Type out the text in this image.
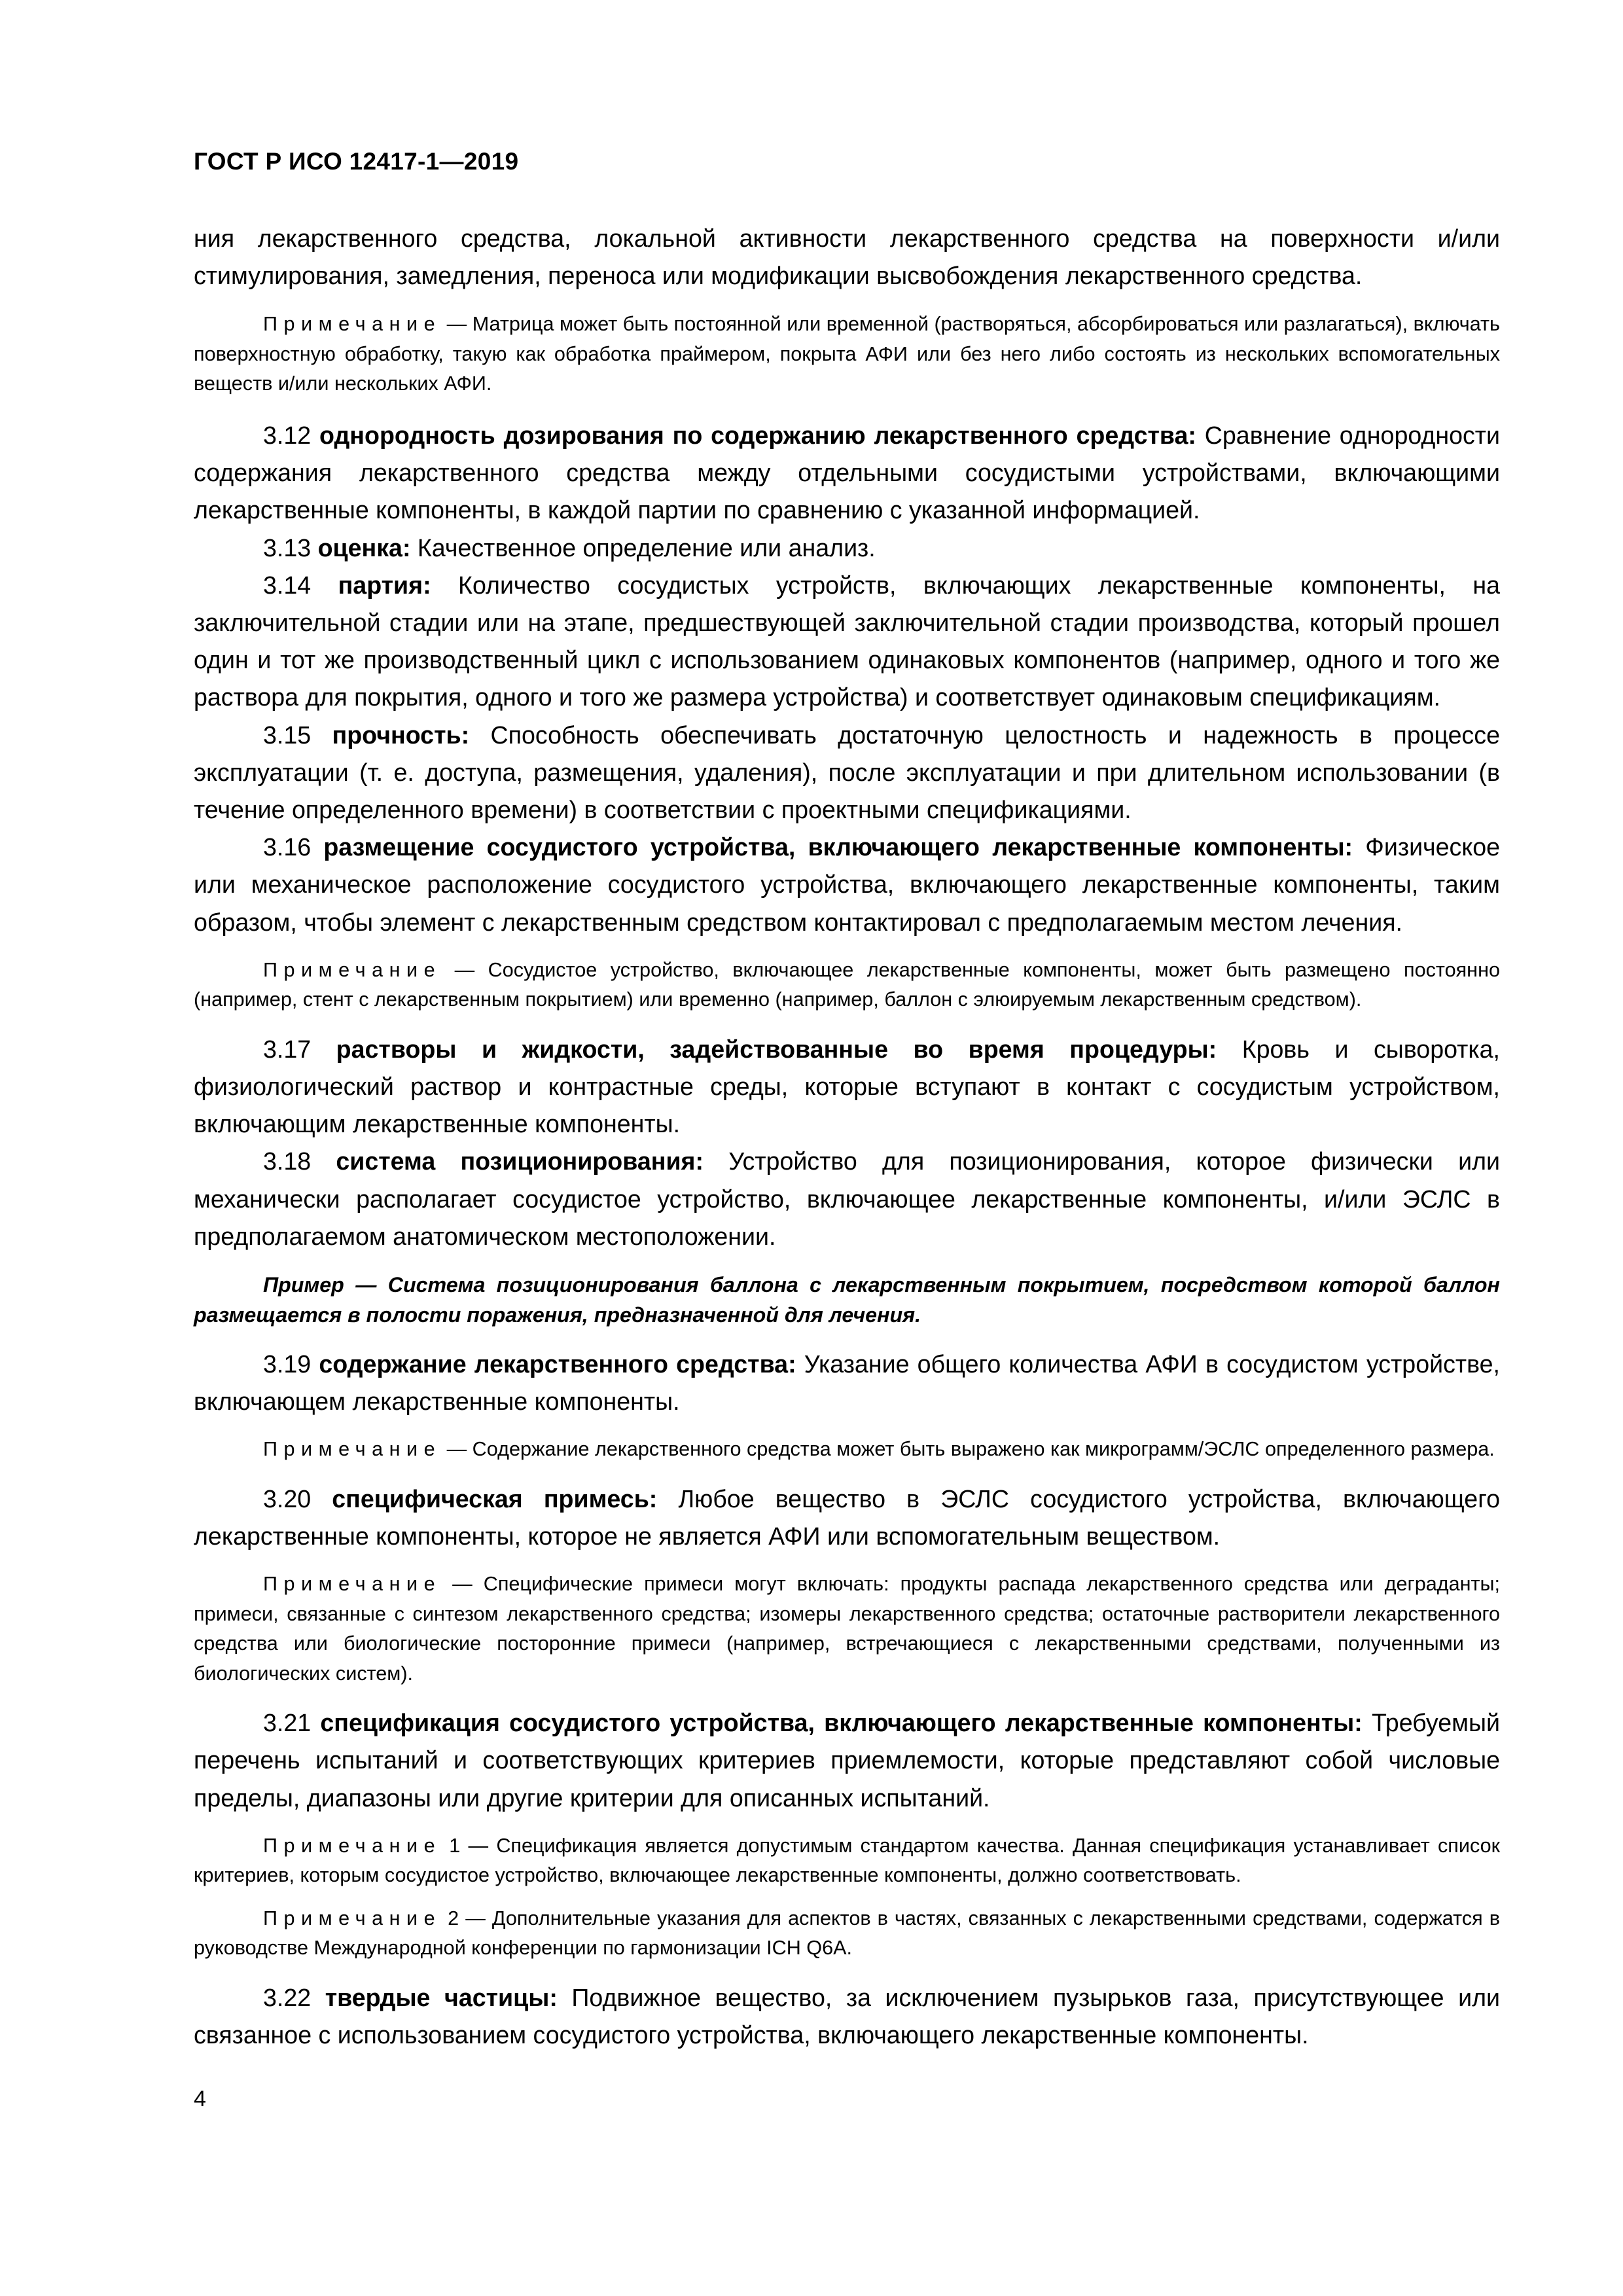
ГОСТ Р ИСО 12417-1—2019

ния лекарственного средства, локальной активности лекарственного средства на поверхности и/или стимулирования, замедления, переноса или модификации высвобождения лекарственного средства.

Примечание — Матрица может быть постоянной или временной (растворяться, абсорбироваться или разлагаться), включать поверхностную обработку, такую как обработка праймером, покрыта АФИ или без него либо состоять из нескольких вспомогательных веществ и/или нескольких АФИ.

3.12 однородность дозирования по содержанию лекарственного средства: Сравнение однородности содержания лекарственного средства между отдельными сосудистыми устройствами, включающими лекарственные компоненты, в каждой партии по сравнению с указанной информацией.

3.13 оценка: Качественное определение или анализ.

3.14 партия: Количество сосудистых устройств, включающих лекарственные компоненты, на заключительной стадии или на этапе, предшествующей заключительной стадии производства, который прошел один и тот же производственный цикл с использованием одинаковых компонентов (например, одного и того же раствора для покрытия, одного и того же размера устройства) и соответствует одинаковым спецификациям.

3.15 прочность: Способность обеспечивать достаточную целостность и надежность в процессе эксплуатации (т. е. доступа, размещения, удаления), после эксплуатации и при длительном использовании (в течение определенного времени) в соответствии с проектными спецификациями.

3.16 размещение сосудистого устройства, включающего лекарственные компоненты: Физическое или механическое расположение сосудистого устройства, включающего лекарственные компоненты, таким образом, чтобы элемент с лекарственным средством контактировал с предполагаемым местом лечения.

Примечание — Сосудистое устройство, включающее лекарственные компоненты, может быть размещено постоянно (например, стент с лекарственным покрытием) или временно (например, баллон с элюируемым лекарственным средством).

3.17 растворы и жидкости, задействованные во время процедуры: Кровь и сыворотка, физиологический раствор и контрастные среды, которые вступают в контакт с сосудистым устройством, включающим лекарственные компоненты.

3.18 система позиционирования: Устройство для позиционирования, которое физически или механически располагает сосудистое устройство, включающее лекарственные компоненты, и/или ЭСЛС в предполагаемом анатомическом местоположении.

Пример — Система позиционирования баллона с лекарственным покрытием, посредством которой баллон размещается в полости поражения, предназначенной для лечения.

3.19 содержание лекарственного средства: Указание общего количества АФИ в сосудистом устройстве, включающем лекарственные компоненты.

Примечание — Содержание лекарственного средства может быть выражено как микрограмм/ЭСЛС определенного размера.

3.20 специфическая примесь: Любое вещество в ЭСЛС сосудистого устройства, включающего лекарственные компоненты, которое не является АФИ или вспомогательным веществом.

Примечание — Специфические примеси могут включать: продукты распада лекарственного средства или деграданты; примеси, связанные с синтезом лекарственного средства; изомеры лекарственного средства; остаточные растворители лекарственного средства или биологические посторонние примеси (например, встречающиеся с лекарственными средствами, полученными из биологических систем).

3.21 спецификация сосудистого устройства, включающего лекарственные компоненты: Требуемый перечень испытаний и соответствующих критериев приемлемости, которые представляют собой числовые пределы, диапазоны или другие критерии для описанных испытаний.

Примечание 1 — Спецификация является допустимым стандартом качества. Данная спецификация устанавливает список критериев, которым сосудистое устройство, включающее лекарственные компоненты, должно соответствовать.

Примечание 2 — Дополнительные указания для аспектов в частях, связанных с лекарственными средствами, содержатся в руководстве Международной конференции по гармонизации ICH Q6A.

3.22 твердые частицы: Подвижное вещество, за исключением пузырьков газа, присутствующее или связанное с использованием сосудистого устройства, включающего лекарственные компоненты.

4
